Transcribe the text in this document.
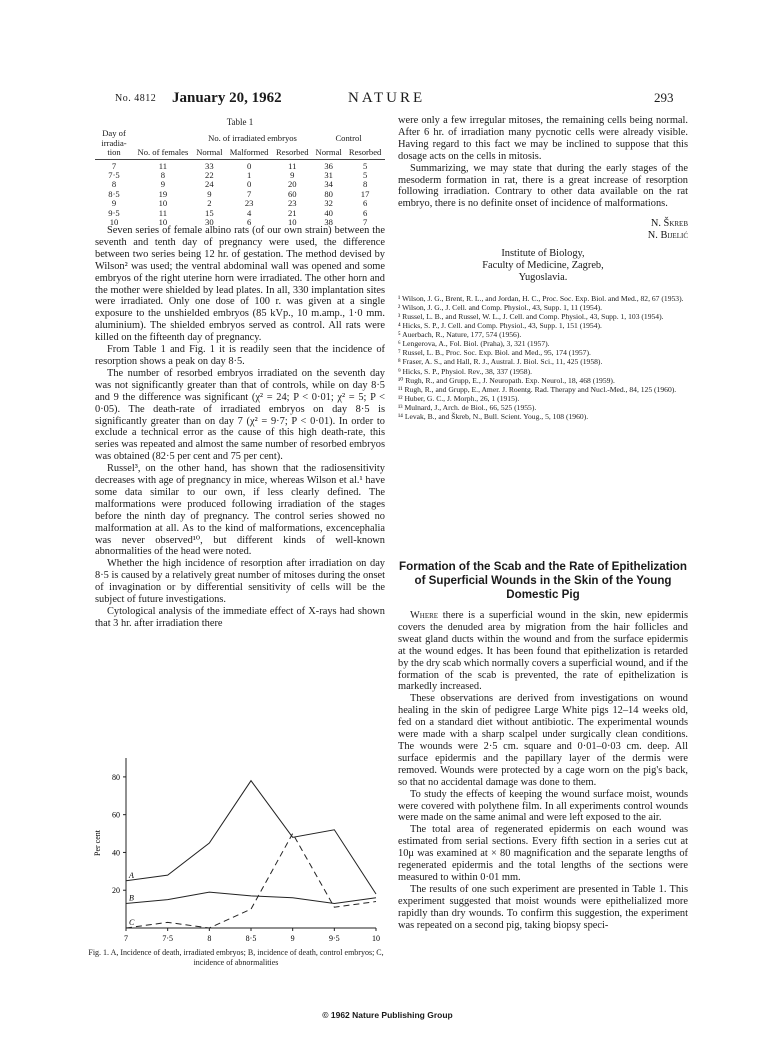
No. 4812 January 20, 1962	NATURE	293
Table 1						
Day of irradia-tion	No. of females	No. of irradiated embryos			Control	
		Normal	Malformed	Resorbed	Normal	Resorbed

7	11	33	0	11	36	5
7·5	8	22	1	9	31	5
8	9	24	0	20	34	8
8·5	19	9	7	60	80	17
9	10	2	23	23	32	6
9·5	11	15	4	21	40	6
10	10	30	6	10	38	7

Seven series of female albino rats (of our own strain) between the seventh and tenth day of pregnancy were used, the difference between two series being 12 hr. of gestation. The method devised by Wilson² was used; the ventral abdominal wall was opened and some embryos of the right uterine horn were irradiated. The other horn and the mother were shielded by lead plates. In all, 330 implantation sites were irradiated. Only one dose of 100 r. was given at a single exposure to the unshielded embryos (85 kVp., 10 m.amp., 1·0 mm. aluminium). The shielded embryos served as control. All rats were killed on the fifteenth day of pregnancy.

From Table 1 and Fig. 1 it is readily seen that the incidence of resorption shows a peak on day 8·5.

The number of resorbed embryos irradiated on the seventh day was not significantly greater than that of controls, while on day 8·5 and 9 the difference was significant (χ² = 24; P < 0·01; χ² = 5; P < 0·05). The death-rate of irradiated embryos on day 8·5 is significantly greater than on day 7 (χ² = 9·7; P < 0·01). In order to exclude a technical error as the cause of this high death-rate, this series was repeated and almost the same number of resorbed embryos was obtained (82·5 per cent and 75 per cent).

Russel³, on the other hand, has shown that the radiosensitivity decreases with age of pregnancy in mice, whereas Wilson et al.¹ have some data similar to our own, if less clearly defined. The malformations were produced following irradiation of the stages before the ninth day of pregnancy. The control series showed no malformation at all. As to the kind of malformations, excencephalia was never observed¹⁰, but different kinds of well-known abnormalities of the head were noted.

Whether the high incidence of resorption after irradiation on day 8·5 is caused by a relatively great number of mitoses during the onset of invagination or by differential sensitivity of cells will be the subject of future investigations.

Cytological analysis of the immediate effect of X-rays had shown that 3 hr. after irradiation there

were only a few irregular mitoses, the remaining cells being normal. After 6 hr. of irradiation many pycnotic cells were already visible. Having regard to this fact we may be inclined to suppose that this dosage acts on the cells in mitosis.

Summarizing, we may state that during the early stages of the mesoderm formation in rat, there is a great increase of resorption following irradiation. Contrary to other data available on the rat embryo, there is no definite onset of incidence of malformations.

N. Škreb
N. Bijelić
Institute of Biology,
Faculty of Medicine, Zagreb,
Yugoslavia.
¹ Wilson, J. G., Brent, R. L., and Jordan, H. C., Proc. Soc. Exp. Biol. and Med., 82, 67 (1953).
² Wilson, J. G., J. Cell. and Comp. Physiol., 43, Supp. 1, 11 (1954).
³ Russel, L. B., and Russel, W. L., J. Cell. and Comp. Physiol., 43, Supp. 1, 103 (1954).
⁴ Hicks, S. P., J. Cell. and Comp. Physiol., 43, Supp. 1, 151 (1954).
⁵ Auerbach, R., Nature, 177, 574 (1956).
⁶ Lengerova, A., Fol. Biol. (Praha), 3, 321 (1957).
⁷ Russel, L. B., Proc. Soc. Exp. Biol. and Med., 95, 174 (1957).
⁸ Fraser, A. S., and Hall, R. J., Austral. J. Biol. Sci., 11, 425 (1958).
⁹ Hicks, S. P., Physiol. Rev., 38, 337 (1958).
¹⁰ Rugh, R., and Grupp, E., J. Neuropath. Exp. Neurol., 18, 468 (1959).
¹¹ Rugh, R., and Grupp, E., Amer. J. Roentg. Rad. Therapy and Nucl.-Med., 84, 125 (1960).
¹² Huber, G. C., J. Morph., 26, 1 (1915).
¹³ Mulnard, J., Arch. de Biol., 66, 525 (1955).
¹⁴ Levak, B., and Škreb, N., Bull. Scient. Youg., 5, 108 (1960).
Formation of the Scab and the Rate of Epithelization of Superficial Wounds in the Skin of the Young Domestic Pig

Where there is a superficial wound in the skin, new epidermis covers the denuded area by migration from the hair follicles and sweat gland ducts within the wound and from the surface epidermis at the wound edges. It has been found that epithelization is retarded by the dry scab which normally covers a superficial wound, and if the formation of the scab is prevented, the rate of epithelization is markedly increased.

These observations are derived from investigations on wound healing in the skin of pedigree Large White pigs 12–14 weeks old, fed on a standard diet without antibiotic. The experimental wounds were made with a sharp scalpel under surgically clean conditions. The wounds were 2·5 cm. square and 0·01–0·03 cm. deep. All surface epidermis and the papillary layer of the dermis were removed. Wounds were protected by a cage worn on the pig's back, so that no accidental damage was done to them.

To study the effects of keeping the wound surface moist, wounds were covered with polythene film. In all experiments control wounds were made on the same animal and were left exposed to the air.

The total area of regenerated epidermis on each wound was estimated from serial sections. Every fifth section in a series cut at 10μ was examined at × 80 magnification and the separate lengths of regenerated epidermis and the total lengths of the sections were measured to within 0·01 mm.

The results of one such experiment are presented in Table 1. This experiment suggested that moist wounds were epithelialized more rapidly than dry wounds. To confirm this suggestion, the experiment was repeated on a second pig, taking biopsy speci-

20
40
60
80
7	7·5	8	8·5	9	9·5	10
Per cent
A
B
C
Fig. 1. A, Incidence of death, irradiated embryos; B, incidence of death, control embryos; C, incidence of abnormalities
© 1962 Nature Publishing Group
